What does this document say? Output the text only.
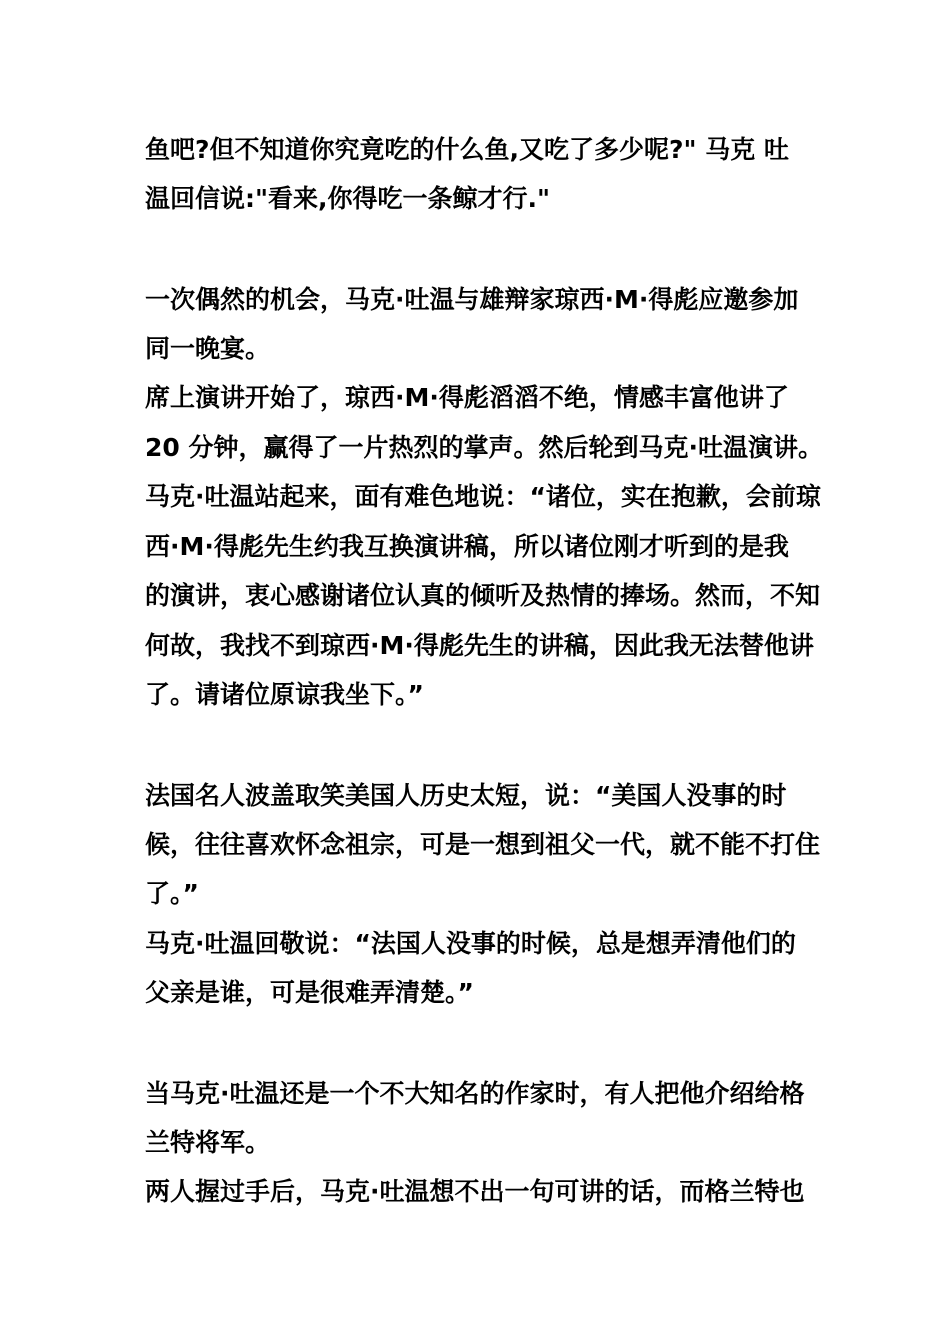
鱼吧?但不知道你究竟吃的什么鱼,又吃了多少呢?" 马克 吐
温回信说:"看来,你得吃一条鲸才行."
一次偶然的机会，马克·吐温与雄辩家琼西·M·得彪应邀参加
同一晚宴。
席上演讲开始了，琼西·M·得彪滔滔不绝，情感丰富他讲了
20 分钟，赢得了一片热烈的掌声。然后轮到马克·吐温演讲。
马克·吐温站起来，面有难色地说：“诸位，实在抱歉，会前琼
西·M·得彪先生约我互换演讲稿，所以诸位刚才听到的是我
的演讲，衷心感谢诸位认真的倾听及热情的捧场。然而，不知
何故，我找不到琼西·M·得彪先生的讲稿，因此我无法替他讲
了。请诸位原谅我坐下。”
法国名人波盖取笑美国人历史太短，说：“美国人没事的时
候，往往喜欢怀念祖宗，可是一想到祖父一代，就不能不打住
了。”
马克·吐温回敬说：“法国人没事的时候，总是想弄清他们的
父亲是谁，可是很难弄清楚。”
当马克·吐温还是一个不大知名的作家时，有人把他介绍给格
兰特将军。
两人握过手后，马克·吐温想不出一句可讲的话，而格兰特也
